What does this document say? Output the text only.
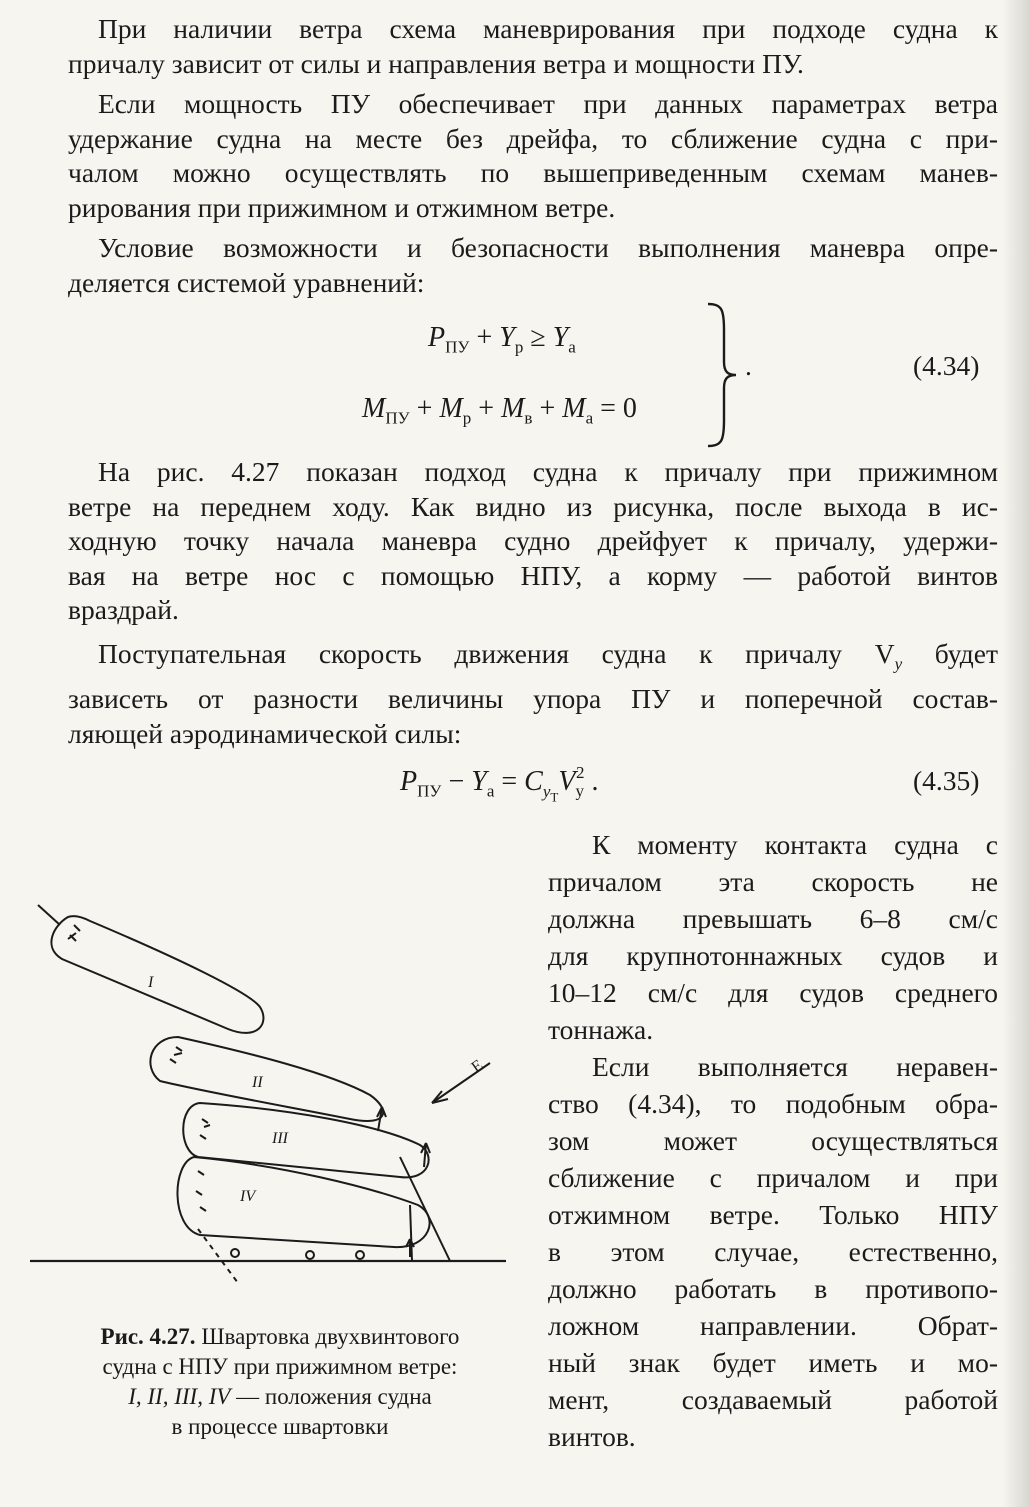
При наличии ветра схема маневрирования при подходе судна к
причалу зависит от силы и направления ветра и мощности ПУ.
Если мощность ПУ обеспечивает при данных параметрах ветра
удержание судна на месте без дрейфа, то сближение судна с при-
чалом можно осуществлять по вышеприведенным схемам манев-
рирования при прижимном и отжимном ветре.
Условие возможности и безопасности выполнения маневра опре-
деляется системой уравнений:
$P_{ПУ} + Y_р \ge Y_a$
$M_{ПУ} + M_р + M_в + M_а = 0$
.	(4.34)
На рис. 4.27 показан подход судна к причалу при прижимном
ветре на переднем ходу. Как видно из рисунка, после выхода в ис-
ходную точку начала маневра судно дрейфует к причалу, удержи-
вая на ветре нос с помощью НПУ, а корму — работой винтов
враздрай.
Поступательная скорость движения судна к причалу $V_y$ будет
зависеть от разности величины упора ПУ и поперечной состав-
ляющей аэродинамической силы:
$P_{ПУ} - Y_a = C_{y_Т}V_y^2$ .	(4.35)
К моменту контакта судна с
причалом эта скорость не
должна превышать 6–8 см/с
для крупнотоннажных судов и
10–12 см/с для судов среднего
тоннажа.
Если выполняется неравен-
ство (4.34), то подобным обра-
зом может осуществляться
сближение с причалом и при
отжимном ветре. Только НПУ
в этом случае, естественно,
должно работать в противопо-
ложном направлении. Обрат-
ный знак будет иметь и мо-
мент, создаваемый работой
винтов.
I
II
III
IV
E
Рис. 4.27. Швартовка двухвинтового
судна с НПУ при прижимном ветре:
I, II, III, IV — положения судна
в процессе швартовки
